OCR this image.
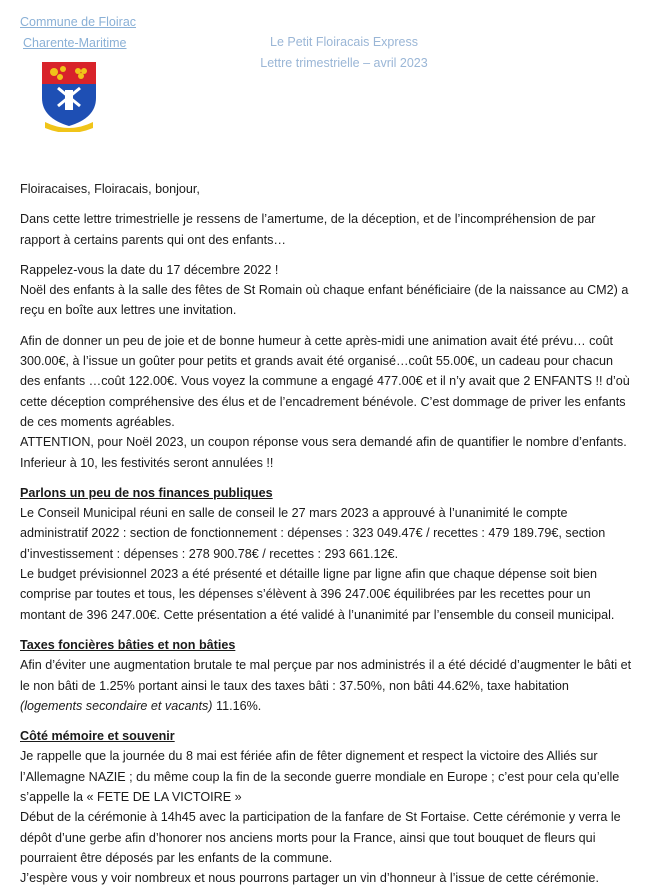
Commune de Floirac
Charente-Maritime	Le Petit Floiracais Express
Lettre trimestrielle – avril 2023

Floiracaises, Floiracais, bonjour,

Dans cette lettre trimestrielle je ressens de l’amertume, de la déception, et de l’incompréhension de par rapport à certains parents qui ont des enfants…

Rappelez-vous la date du 17 décembre 2022 !

Noël des enfants à la salle des fêtes de St Romain où chaque enfant bénéficiaire (de la naissance au CM2) a reçu en boîte aux lettres une invitation.

Afin de donner un peu de joie et de bonne humeur à cette après-midi une animation avait été prévu… coût 300.00€, à l’issue un goûter pour petits et grands avait été organisé…coût 55.00€, un cadeau pour chacun des enfants …coût 122.00€. Vous voyez la commune a engagé 477.00€ et il n’y avait que 2 ENFANTS !! d’où cette déception compréhensive des élus et de l’encadrement bénévole. C’est dommage de priver les enfants de ces moments agréables.

ATTENTION, pour Noël 2023, un coupon réponse vous sera demandé afin de quantifier le nombre d’enfants. Inferieur à 10, les festivités seront annulées !!

Parlons un peu de nos finances publiques

Le Conseil Municipal réuni en salle de conseil le 27 mars 2023 a approuvé à l’unanimité le compte administratif 2022 : section de fonctionnement : dépenses : 323 049.47€ / recettes : 479 189.79€, section d’investissement : dépenses : 278 900.78€ / recettes : 293 661.12€.

Le budget prévisionnel 2023 a été présenté et détaille ligne par ligne afin que chaque dépense soit bien comprise par toutes et tous, les dépenses s’élèvent à 396 247.00€ équilibrées par les recettes pour un montant de 396 247.00€. Cette présentation a été validé à l’unanimité par l’ensemble du conseil municipal.

Taxes foncières bâties et non bâties

Afin d’éviter une augmentation brutale te mal perçue par nos administrés il a été décidé d’augmenter le bâti et le non bâti de 1.25% portant ainsi le taux des taxes bâti : 37.50%, non bâti 44.62%, taxe habitation
(logements secondaire et vacants) 11.16%.

Côté mémoire et souvenir

Je rappelle que la journée du 8 mai est fériée afin de fêter dignement et respect la victoire des Alliés sur l’Allemagne NAZIE ; du même coup la fin de la seconde guerre mondiale en Europe ; c’est pour cela qu’elle s’appelle la « FETE DE LA VICTOIRE »

Début de la cérémonie à 14h45 avec la participation de la fanfare de St Fortaise. Cette cérémonie y verra le dépôt d’une gerbe afin d’honorer nos anciens morts pour la France, ainsi que tout bouquet de fleurs qui pourraient être déposés par les enfants de la commune.

J’espère vous y voir nombreux et nous pourrons partager un vin d’honneur à l’issue de cette cérémonie.
